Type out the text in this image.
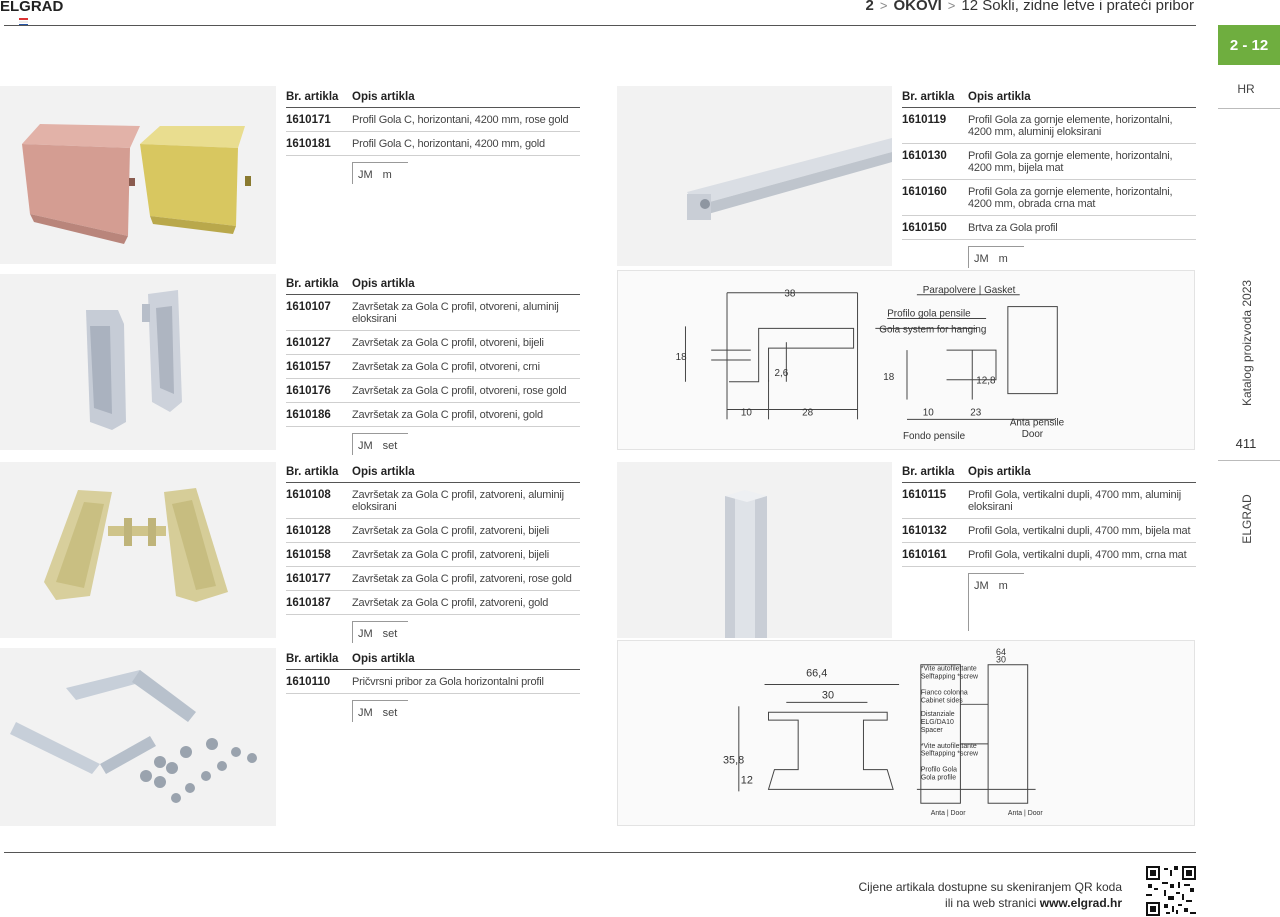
ELGRAD	2 > OKOVI > 12 Sokli, zidne letve i prateći pribor
2 - 12
HR
Katalog proizvoda 2023
411
ELGRAD
38
18
2,6
10	28
Parapolvere | Gasket
Profilo gola pensile
Gola system for hanging
18	12,8
10	23
Anta pensile
Door
Fondo pensile
66,4
30
35,8
12
64
30
*Vite autofilettante
Selftapping *screw
Fianco colonna
Cabinet sides
Distanziale
ELG/DA10
Spacer
*Vite autofilettante
Selftapping *screw
Profilo Gola
Gola profile
Anta | Door	Anta | Door
Br. artikla	Opis artikla
1610171	Profil Gola C, horizontani, 4200 mm, rose gold
1610181	Profil Gola C, horizontani, 4200 mm, gold
JM m
Br. artikla	Opis artikla
1610107	Završetak za Gola C profil, otvoreni, aluminij eloksirani
1610127	Završetak za Gola C profil, otvoreni, bijeli
1610157	Završetak za Gola C profil, otvoreni, crni
1610176	Završetak za Gola C profil, otvoreni, rose gold
1610186	Završetak za Gola C profil, otvoreni, gold
JM set
Br. artikla	Opis artikla
1610108	Završetak za Gola C profil, zatvoreni, aluminij eloksirani
1610128	Završetak za Gola C profil, zatvoreni, bijeli
1610158	Završetak za Gola C profil, zatvoreni, bijeli
1610177	Završetak za Gola C profil, zatvoreni, rose gold
1610187	Završetak za Gola C profil, zatvoreni, gold
JM set
Br. artikla	Opis artikla
1610110	Pričvrsni pribor za Gola horizontalni profil
JM set
Br. artikla	Opis artikla
1610119	Profil Gola za gornje elemente, horizontalni, 4200 mm, aluminij eloksirani
1610130	Profil Gola za gornje elemente, horizontalni, 4200 mm, bijela mat
1610160	Profil Gola za gornje elemente, horizontalni, 4200 mm, obrada crna mat
1610150	Brtva za Gola profil
JM m
Br. artikla	Opis artikla
1610115	Profil Gola, vertikalni dupli, 4700 mm, aluminij eloksirani
1610132	Profil Gola, vertikalni dupli, 4700 mm, bijela mat
1610161	Profil Gola, vertikalni dupli, 4700 mm, crna mat
JM m
Cijene artikala dostupne su skeniranjem QR koda
ili na web stranici www.elgrad.hr
